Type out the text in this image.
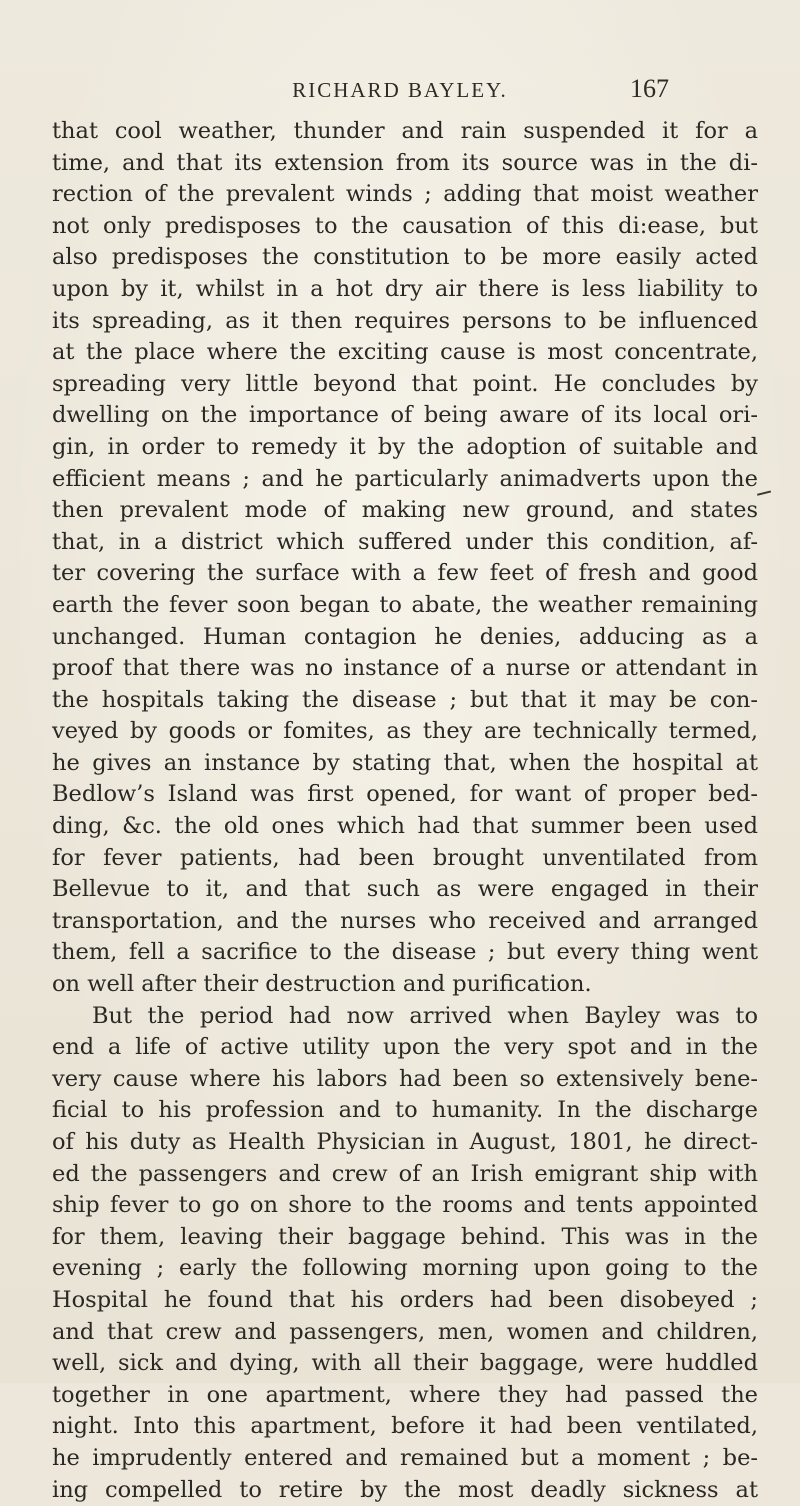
RICHARD BAYLEY.	167
that cool weather, thunder and rain suspended it for a
time, and that its extension from its source was in the di-
rection of the prevalent winds ; adding that moist weather
not only predisposes to the causation of this di:ease, but
also predisposes the constitution to be more easily acted
upon by it, whilst in a hot dry air there is less liability to
its spreading, as it then requires persons to be influenced
at the place where the exciting cause is most concentrate,
spreading very little beyond that point. He concludes by
dwelling on the importance of being aware of its local ori-
gin, in order to remedy it by the adoption of suitable and
efficient means ; and he particularly animadverts upon the
then prevalent mode of making new ground, and states
that, in a district which suffered under this condition, af-
ter covering the surface with a few feet of fresh and good
earth the fever soon began to abate, the weather remaining
unchanged. Human contagion he denies, adducing as a
proof that there was no instance of a nurse or attendant in
the hospitals taking the disease ; but that it may be con-
veyed by goods or fomites, as they are technically termed,
he gives an instance by stating that, when the hospital at
Bedlow’s Island was first opened, for want of proper bed-
ding, &c. the old ones which had that summer been used
for fever patients, had been brought unventilated from
Bellevue to it, and that such as were engaged in their
transportation, and the nurses who received and arranged
them, fell a sacrifice to the disease ; but every thing went
on well after their destruction and purification.
But the period had now arrived when Bayley was to
end a life of active utility upon the very spot and in the
very cause where his labors had been so extensively bene-
ficial to his profession and to humanity. In the discharge
of his duty as Health Physician in August, 1801, he direct-
ed the passengers and crew of an Irish emigrant ship with
ship fever to go on shore to the rooms and tents appointed
for them, leaving their baggage behind. This was in the
evening ; early the following morning upon going to the
Hospital he found that his orders had been disobeyed ;
and that crew and passengers, men, women and children,
well, sick and dying, with all their baggage, were huddled
together in one apartment, where they had passed the
night. Into this apartment, before it had been ventilated,
he imprudently entered and remained but a moment ; be-
ing compelled to retire by the most deadly sickness at
